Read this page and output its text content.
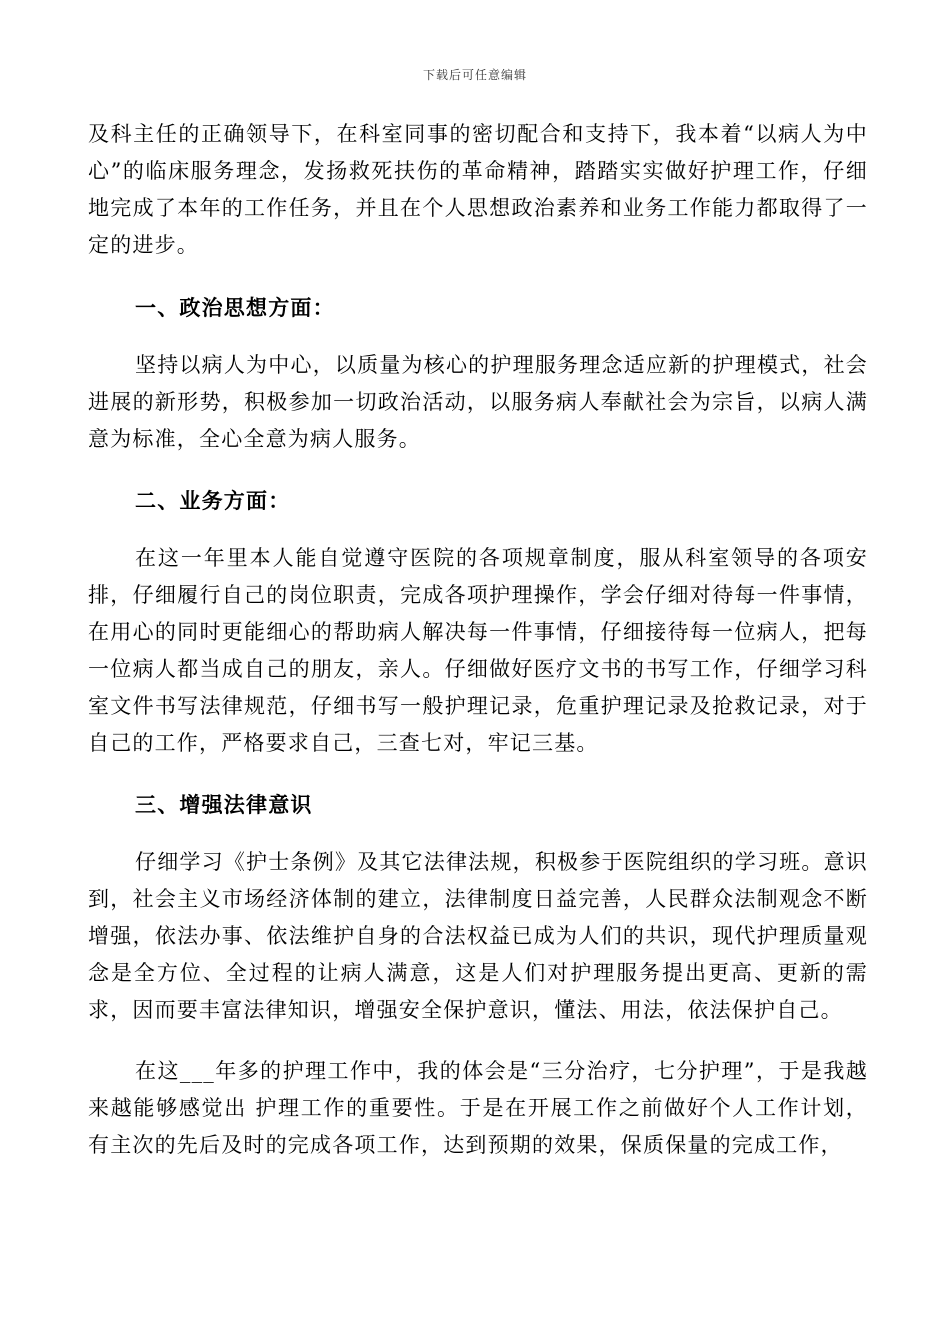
下载后可任意编辑

及科主任的正确领导下，在科室同事的密切配合和支持下，我本着“以病人为中心”的临床服务理念，发扬救死扶伤的革命精神，踏踏实实做好护理工作，仔细地完成了本年的工作任务，并且在个人思想政治素养和业务工作能力都取得了一定的进步。

一、政治思想方面：

坚持以病人为中心，以质量为核心的护理服务理念适应新的护理模式，社会进展的新形势，积极参加一切政治活动，以服务病人奉献社会为宗旨，以病人满意为标准，全心全意为病人服务。

二、业务方面：

在这一年里本人能自觉遵守医院的各项规章制度，服从科室领导的各项安排，仔细履行自己的岗位职责，完成各项护理操作，学会仔细对待每一件事情，在用心的同时更能细心的帮助病人解决每一件事情，仔细接待每一位病人，把每一位病人都当成自己的朋友，亲人。仔细做好医疗文书的书写工作，仔细学习科室文件书写法律规范，仔细书写一般护理记录，危重护理记录及抢救记录，对于自己的工作，严格要求自己，三查七对，牢记三基。

三、增强法律意识

仔细学习《护士条例》及其它法律法规，积极参于医院组织的学习班。意识到，社会主义市场经济体制的建立，法律制度日益完善，人民群众法制观念不断增强，依法办事、依法维护自身的合法权益已成为人们的共识，现代护理质量观念是全方位、全过程的让病人满意，这是人们对护理服务提出更高、更新的需求，因而要丰富法律知识，增强安全保护意识，懂法、用法，依法保护自己。

在这___年多的护理工作中，我的体会是“三分治疗，七分护理”，于是我越来越能够感觉出 护理工作的重要性。于是在开展工作之前做好个人工作计划，有主次的先后及时的完成各项工作，达到预期的效果，保质保量的完成工作，
